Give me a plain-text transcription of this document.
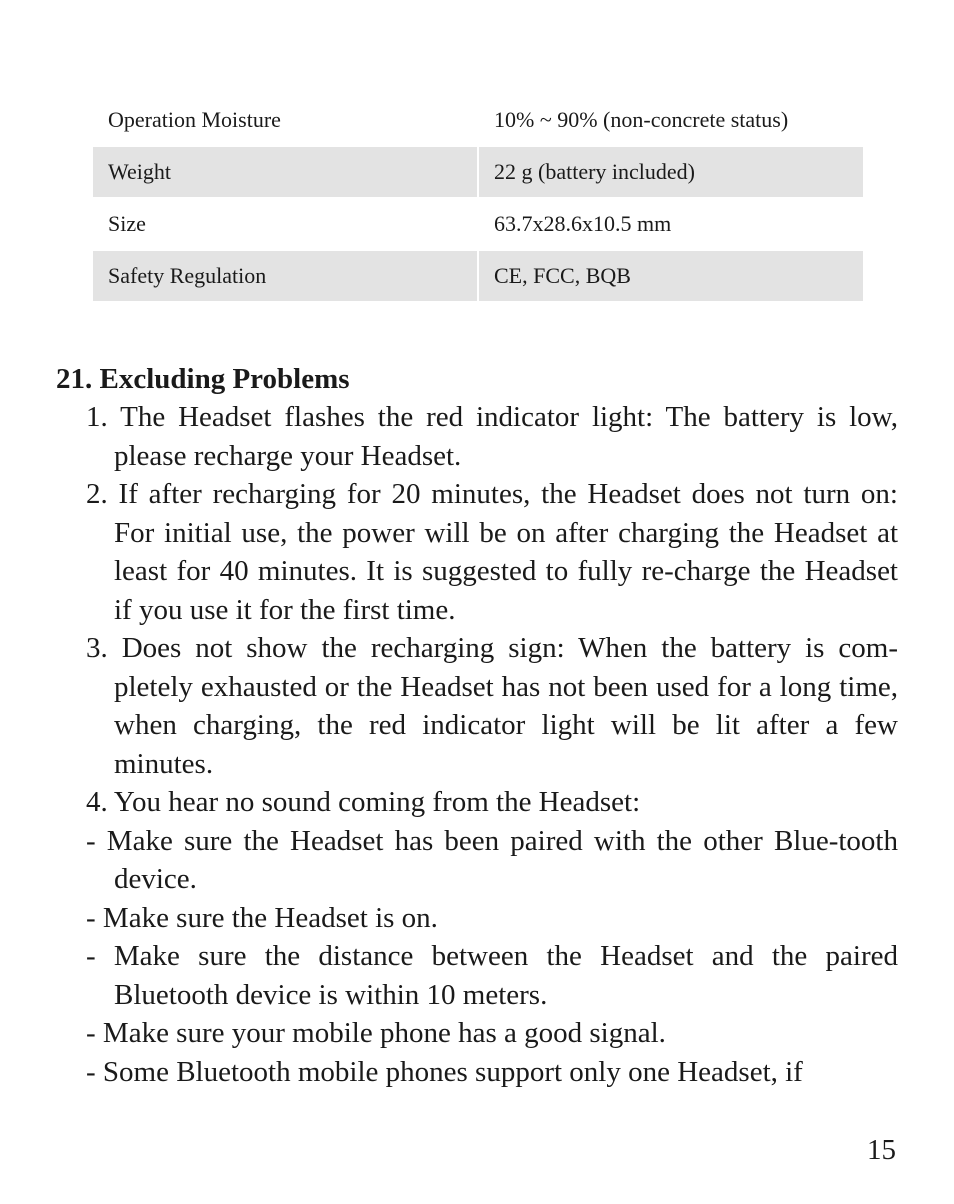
Operation Moisture	10% ~ 90% (non-concrete status)
Weight	22 g (battery included)
Size	63.7x28.6x10.5 mm
Safety Regulation	CE, FCC, BQB
21. Excluding Problems

1. The Headset flashes the red indicator light: The battery is low, please recharge your Headset.

2. If after recharging for 20 minutes, the Headset does not turn on: For initial use, the power will be on after charging the Headset at least for 40 minutes. It is suggested to fully re-charge the Headset if you use it for the first time.

3. Does not show the recharging sign: When the battery is com-pletely exhausted or the Headset has not been used for a long time, when charging, the red indicator light will be lit after a few minutes.

4. You hear no sound coming from the Headset:

- Make sure the Headset has been paired with the other Blue-tooth device.

- Make sure the Headset is on.

- Make sure the distance between the Headset and the paired Bluetooth device is within 10 meters.

- Make sure your mobile phone has a good signal.

- Some Bluetooth mobile phones support only one Headset, if

15
